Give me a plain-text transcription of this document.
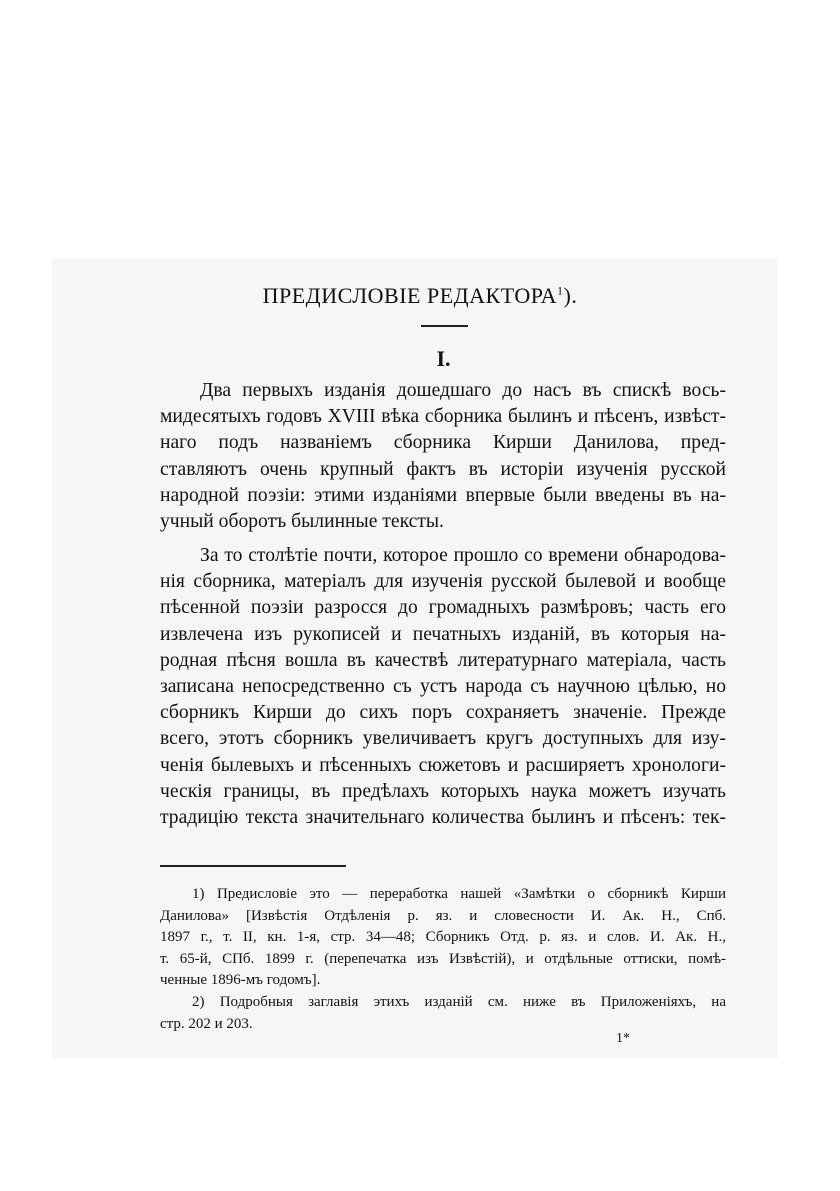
ПРЕДИСЛОВІЕ РЕДАКТОРА$^1$).
I.
Два первыхъ изданія дошедшаго до насъ въ спискѣ вось-
мидесятыхъ годовъ XVIII вѣка сборника былинъ и пѣсенъ, извѣст-
наго подъ названіемъ сборника Кирши Данилова, пред-
ставляютъ очень крупный фактъ въ исторіи изученія русской
народной поэзіи: этими изданіями впервые были введены въ на-
учный оборотъ былинные тексты.
За то столѣтіе почти, которое прошло со времени обнародова-
нія сборника, матеріалъ для изученія русской былевой и вообще
пѣсенной поэзіи разросся до громадныхъ размѣровъ; часть его
извлечена изъ рукописей и печатныхъ изданій, въ которыя на-
родная пѣсня вошла въ качествѣ литературнаго матеріала, часть
записана непосредственно съ устъ народа съ научною цѣлью, но
сборникъ Кирши до сихъ поръ сохраняетъ значеніе. Прежде
всего, этотъ сборникъ увеличиваетъ кругъ доступныхъ для изу-
ченія былевыхъ и пѣсенныхъ сюжетовъ и расширяетъ хронологи-
ческія границы, въ предѣлахъ которыхъ наука можетъ изучать
традицію текста значительнаго количества былинъ и пѣсенъ: тек-
1) Предисловіе это — переработка нашей «Замѣтки о сборникѣ Кирши
Данилова» [Извѣстія Отдѣленія р. яз. и словесности И. Ак. Н., Спб.
1897 г., т. II, кн. 1-я, стр. 34—48; Сборникъ Отд. р. яз. и слов. И. Ак. Н.,
т. 65-й, СПб. 1899 г. (перепечатка изъ Извѣстій), и отдѣльные оттиски, помѣ-
ченные 1896-мъ годомъ].
2) Подробныя заглавія этихъ изданій см. ниже въ Приложеніяхъ, на
стр. 202 и 203.
1*
